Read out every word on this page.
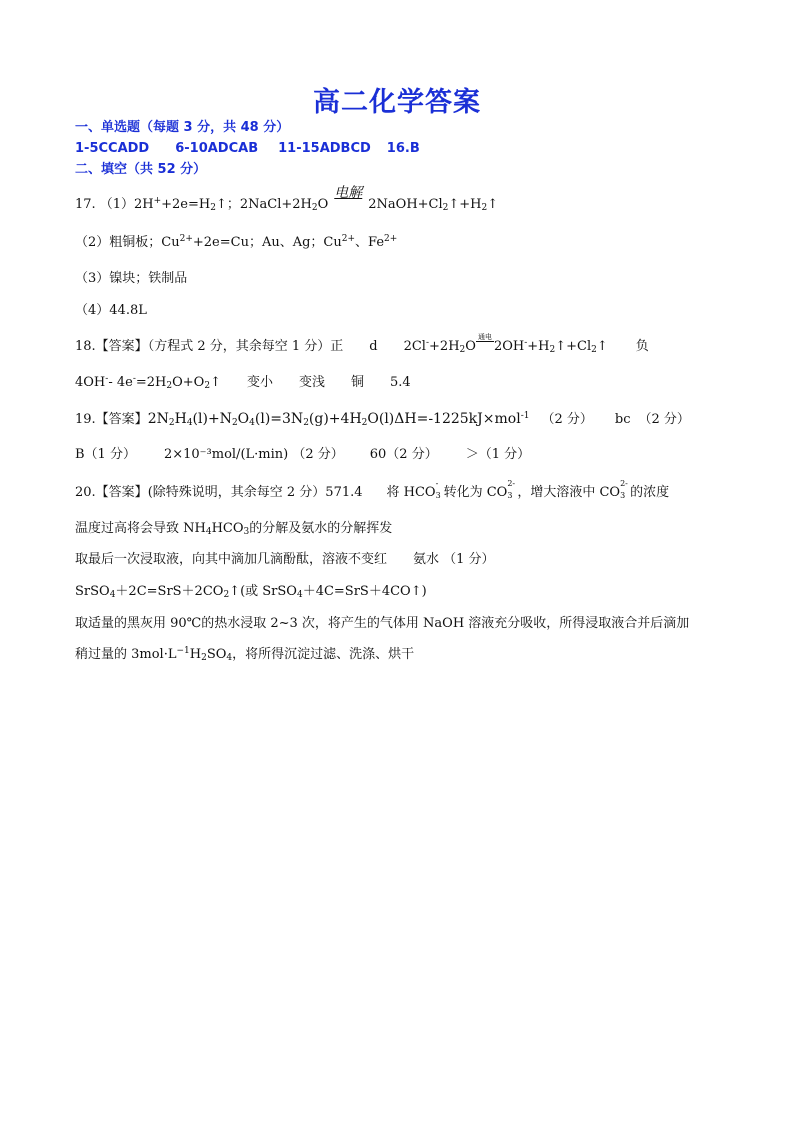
高二化学答案
一、单选题（每题 3 分，共 48 分）
1-5CCADD 6-10ADCAB 11-15ADBCD 16.B
二、填空（共 52 分）
17. $(1)2H^++2e=H_2↑$；$2NaCl+2H_2O$
电解
$2NaOH+Cl_2↑+H_2↑$
（2）粗铜板；$Cu^{2+}+2e=Cu$；Au、Ag；$Cu^{2+}$、$Fe^{2+}$
（3）镍块；铁制品
（4）44.8L
18.【答案】（方程式 2 分，其余每空 1 分）正 d $2Cl^-+2H_2O$
通电
$2OH^-+H_2↑+Cl_2↑$ 负
4OH-- $4e^-=2H_2O+O_2↑$ 变小 变浅 铜 5.4
19.【答案】$2N_2H_4(l)+N_2O_4(l)=3N_2(g)+4H_2O(l)\Delta H=-1225kJ\times mol^{-1}$ （2 分） bc （2 分）
B（1 分） 2×10⁻³mol/(L·min) （2 分） 60（2 分） ＞（1 分）
20.【答案】(除特殊说明，其余每空 2 分）571.4 将 HCO
-
3 转化为 CO
2-
3 ，增大溶液中 CO
2-
3 的浓度
温度过高将会导致 $NH_4HCO_3$的分解及氨水的分解挥发
取最后一次浸取液，向其中滴加几滴酚酞，溶液不变红 氨水 （1 分）
$SrSO_4+2C=SrS+2CO_2↑$(或 SrSO$_4$＋4C=SrS＋4CO↑)
取适量的黑灰用 90℃的热水浸取 2~3 次，将产生的气体用 NaOH 溶液充分吸收，所得浸取液合并后滴加
稍过量的 $3mol\cdot L^{-1}H_2SO_4$，将所得沉淀过滤、洗涤、烘干
